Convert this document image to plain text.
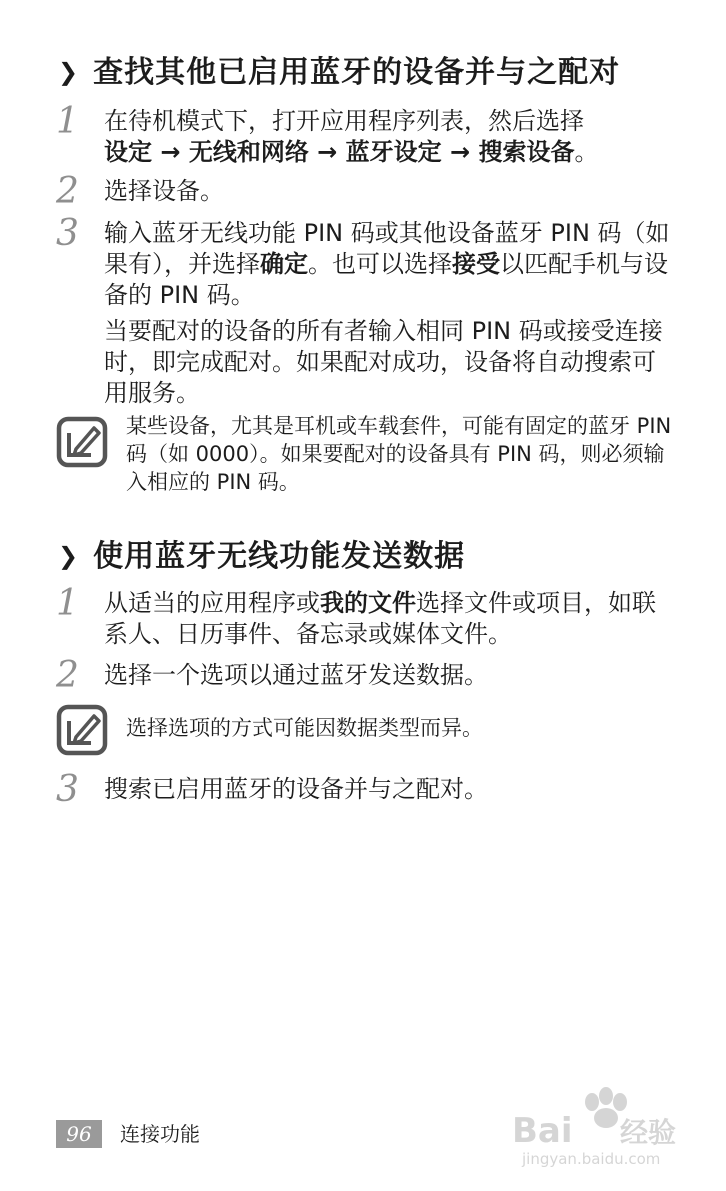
❯ 查找其他已启用蓝牙的设备并与之配对
1 在待机模式下，打开应用程序列表，然后选择
设定 → 无线和网络 → 蓝牙设定 → 搜索设备。

2 选择设备。

3 输入蓝牙无线功能 PIN 码或其他设备蓝牙 PIN 码（如果有），并选择确定。也可以选择接受以匹配手机与设备的 PIN 码。

当要配对的设备的所有者输入相同 PIN 码或接受连接时，即完成配对。如果配对成功，设备将自动搜索可用服务。

某些设备，尤其是耳机或车载套件，可能有固定的蓝牙 PIN 码（如 0000）。如果要配对的设备具有 PIN 码，则必须输入相应的 PIN 码。

❯ 使用蓝牙无线功能发送数据
1 从适当的应用程序或我的文件选择文件或项目，如联系人、日历事件、备忘录或媒体文件。

2 选择一个选项以通过蓝牙发送数据。

选择选项的方式可能因数据类型而异。

3 搜索已启用蓝牙的设备并与之配对。

96	连接功能	Bai 经验
jingyan.baidu.com
